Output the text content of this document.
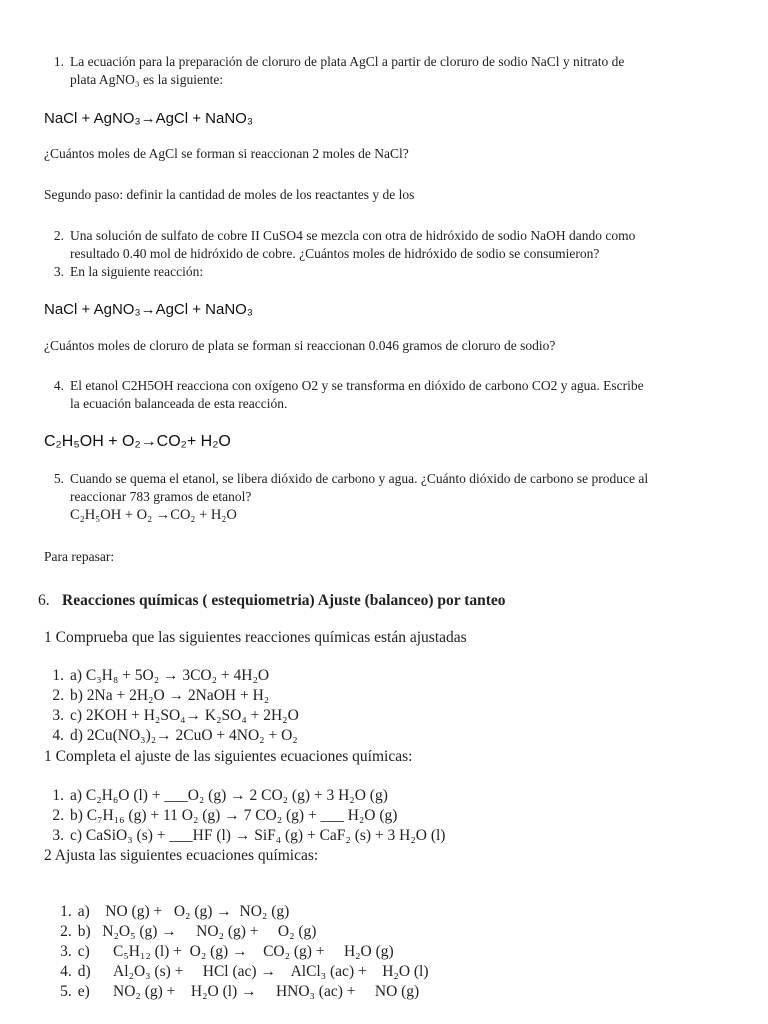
1. La ecuación para la preparación de cloruro de plata AgCl a partir de cloruro de sodio NaCl y nitrato de
plata AgNO₃ es la siguiente:
NaCl + AgNO₃→AgCl + NaNO₃
¿Cuántos moles de AgCl se forman si reaccionan 2 moles de NaCl?
Segundo paso: definir la cantidad de moles de los reactantes y de los
2. Una solución de sulfato de cobre II CuSO4 se mezcla con otra de hidróxido de sodio NaOH dando como
resultado 0.40 mol de hidróxido de cobre. ¿Cuántos moles de hidróxido de sodio se consumieron?
3. En la siguiente reacción:
NaCl + AgNO₃→AgCl + NaNO₃
¿Cuántos moles de cloruro de plata se forman si reaccionan 0.046 gramos de cloruro de sodio?
4. El etanol C2H5OH reacciona con oxígeno O2 y se transforma en dióxido de carbono CO2 y agua. Escribe
la ecuación balanceada de esta reacción.
C₂H₅OH + O₂→CO₂+ H₂O
5. Cuando se quema el etanol, se libera dióxido de carbono y agua. ¿Cuánto dióxido de carbono se produce al
reaccionar 783 gramos de etanol?
C₂H₅OH + O₂ →CO₂ + H₂O
Para repasar:
6. Reacciones químicas ( estequiometria) Ajuste (balanceo) por tanteo
1 Comprueba que las siguientes reacciones químicas están ajustadas
1. a) C₃H₈ + 5O₂ → 3CO₂ + 4H₂O
2. b) 2Na + 2H₂O → 2NaOH + H₂
3. c) 2KOH + H₂SO₄→ K₂SO₄ + 2H₂O
4. d) 2Cu(NO₃)₂→ 2CuO + 4NO₂ + O₂
1 Completa el ajuste de las siguientes ecuaciones químicas:
1. a) C₂H₆O (l) + ___O₂ (g) → 2 CO₂ (g) + 3 H₂O (g)
2. b) C₇H₁₆ (g) + 11 O₂ (g) → 7 CO₂ (g) + ___ H₂O (g)
3. c) CaSiO₃ (s) + ___HF (l) → SiF₄ (g) + CaF₂ (s) + 3 H₂O (l)
2 Ajusta las siguientes ecuaciones químicas:

1. a)    NO (g) +   O₂ (g) →  NO₂ (g)

2. b)   N₂O₅ (g) →     NO₂ (g) +     O₂ (g)

3. c)      C₅H₁₂ (l) +  O₂ (g) →    CO₂ (g) +     H₂O (g)

4. d)      Al₂O₃ (s) +     HCl (ac) →    AlCl₃ (ac) +    H₂O (l)

5. e)      NO₂ (g) +    H₂O (l) →     HNO₃ (ac) +     NO (g)
